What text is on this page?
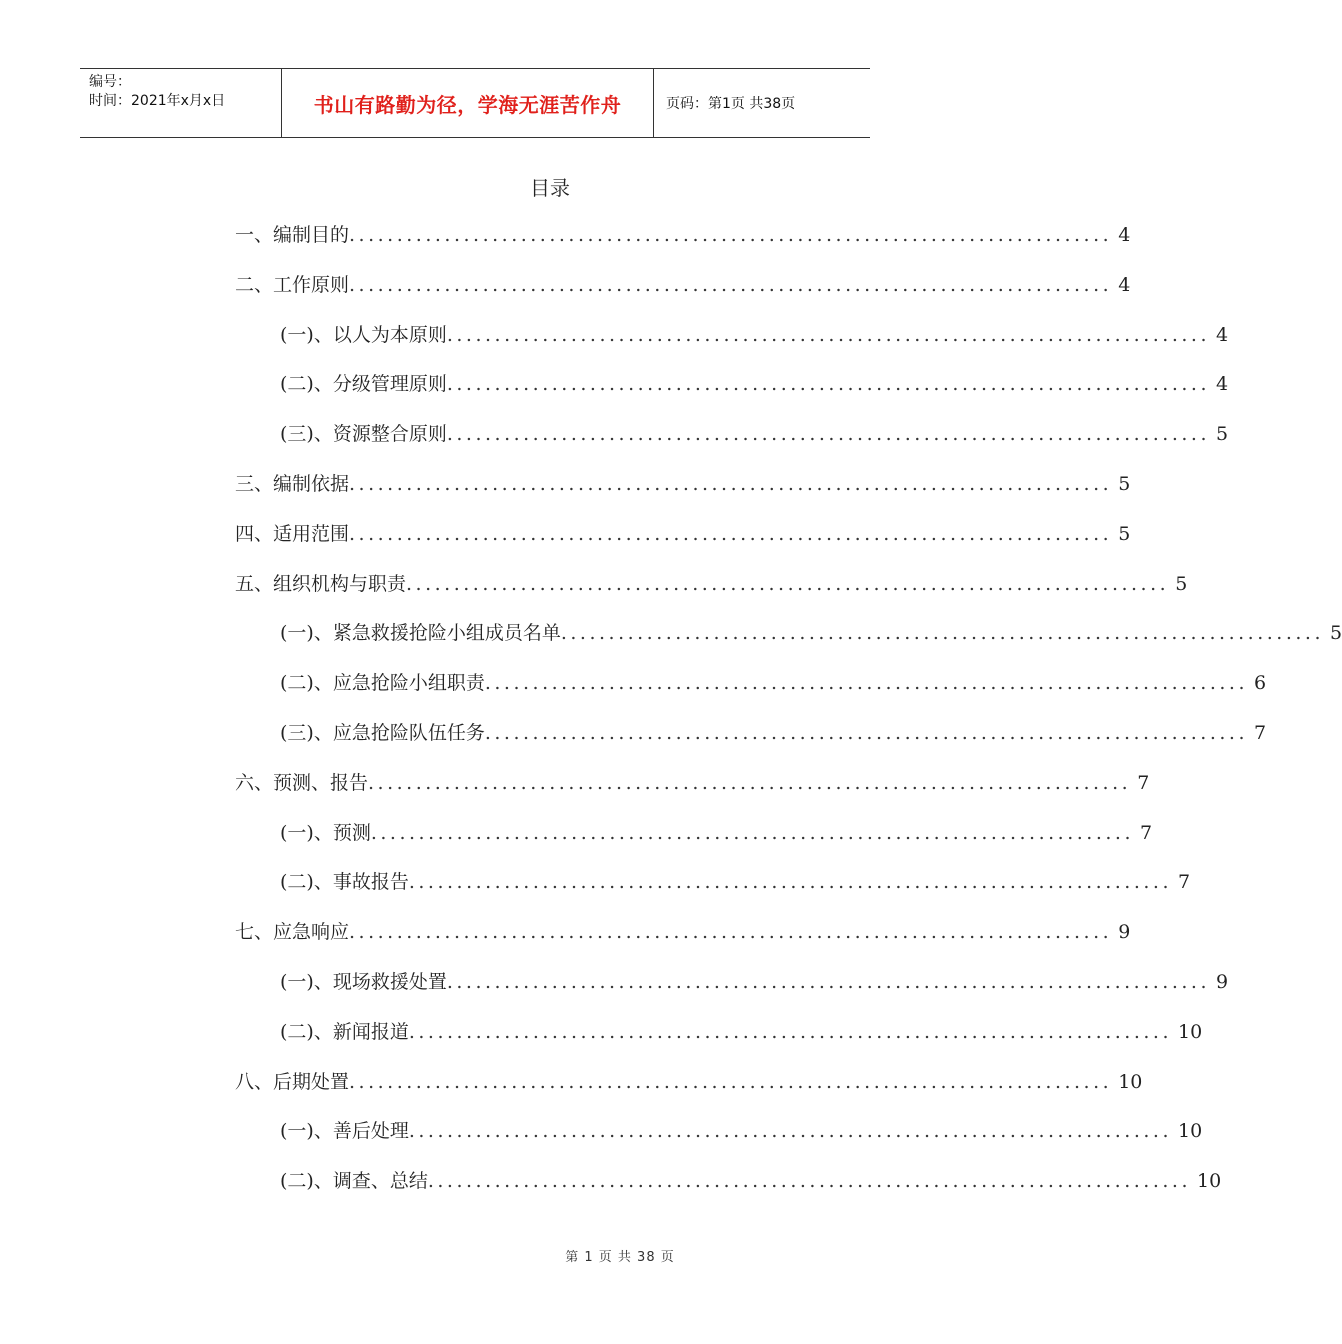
编号：
时间：2021年x月x日	书山有路勤为径，学海无涯苦作舟	页码：第1页 共38页
目录
一、编制目的 ................................................................................ 4
二、工作原则 ................................................................................ 4
(一)、以人为本原则 ................................................................................ 4
(二)、分级管理原则 ................................................................................ 4
(三)、资源整合原则 ................................................................................ 5
三、编制依据 ................................................................................ 5
四、适用范围 ................................................................................ 5
五、组织机构与职责 ................................................................................ 5
(一)、紧急救援抢险小组成员名单 ................................................................................ 5
(二)、应急抢险小组职责 ................................................................................ 6
(三)、应急抢险队伍任务 ................................................................................ 7
六、预测、报告 ................................................................................ 7
(一)、预测 ................................................................................ 7
(二)、事故报告 ................................................................................ 7
七、应急响应 ................................................................................ 9
(一)、现场救援处置 ................................................................................ 9
(二)、新闻报道 ................................................................................ 10
八、后期处置 ................................................................................ 10
(一)、善后处理 ................................................................................ 10
(二)、调查、总结 ................................................................................ 10
第 1 页 共 38 页
